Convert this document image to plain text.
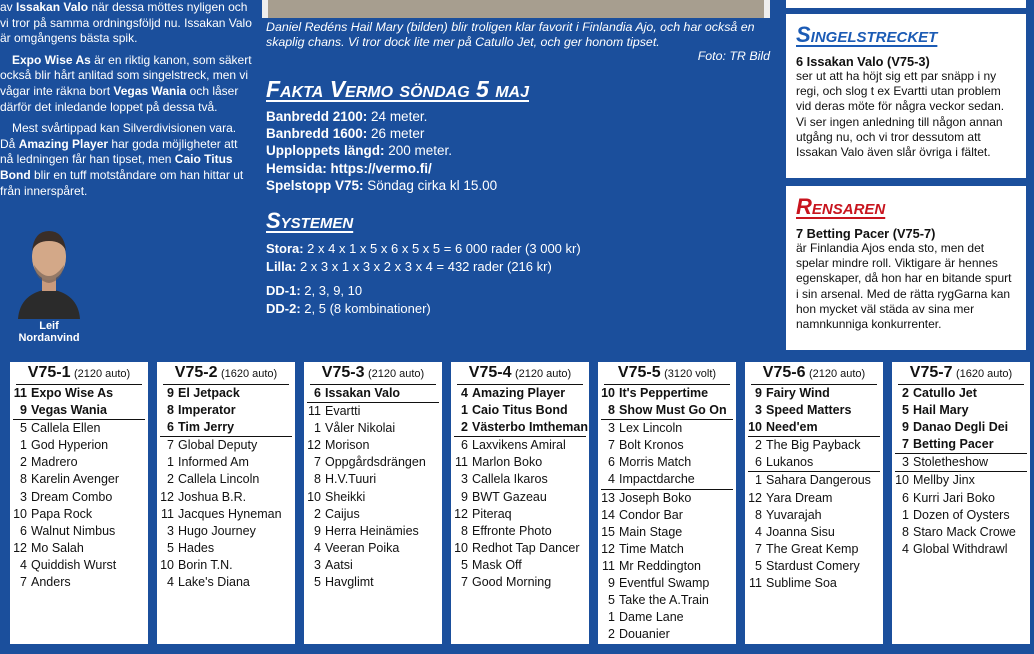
av Issakan Valo när dessa möttes nyligen och vi tror på samma ordningsföljd nu. Issakan Valo är omgångens bästa spik.

Expo Wise As är en riktig kanon, som säkert också blir hårt anlitad som singelstreck, men vi vågar inte räkna bort Vegas Wania och låser därför det inledande loppet på dessa två.

Mest svårtippad kan Silverdivisionen vara. Då Amazing Player har goda möjligheter att nå ledningen får han tipset, men Caio Titus Bond blir en tuff motståndare om han hittar ut från innerspåret.

Leif
Nordanvind
Daniel Redéns Hail Mary (bilden) blir troligen klar favorit i Finlandia Ajo, och har också en skaplig chans. Vi tror dock lite mer på Catullo Jet, och ger honom tipset.
Foto: TR Bild
Fakta Vermo söndag 5 maj
Banbredd 2100: 24 meter.
Banbredd 1600: 26 meter
Upploppets längd: 200 meter.
Hemsida: https://vermo.fi/
Spelstopp V75: Söndag cirka kl 15.00
Systemen
Stora: 2 x 4 x 1 x 5 x 6 x 5 x 5 = 6 000 rader (3 000 kr)
Lilla: 2 x 3 x 1 x 3 x 2 x 3 x 4 = 432 rader (216 kr)
DD-1: 2, 3, 9, 10
DD-2: 2, 5 (8 kombinationer)
Singelstrecket
6 Issakan Valo (V75-3)
ser ut att ha höjt sig ett par snäpp i ny regi, och slog t ex Evartti utan problem vid deras möte för några veckor sedan. Vi ser ingen anledning till någon annan utgång nu, och vi tror dessutom att Issakan Valo även slår övriga i fältet.
Rensaren
7 Betting Pacer (V75-7)
är Finlandia Ajos enda sto, men det spelar mindre roll. Viktigare är hennes egenskaper, då hon har en bitande spurt i sin arsenal. Med de rätta rygGarna kan hon mycket väl städa av sina mer namnkunniga konkurrenter.
V75-1 (2120 auto)
11 Expo Wise As
9 Vegas Wania
5 Callela Ellen
1 God Hyperion
2 Madrero
8 Karelin Avenger
3 Dream Combo
10 Papa Rock
6 Walnut Nimbus
12 Mo Salah
4 Quiddish Wurst
7 Anders
V75-2 (1620 auto)
9 El Jetpack
8 Imperator
6 Tim Jerry
7 Global Deputy
1 Informed Am
2 Callela Lincoln
12 Joshua B.R.
11 Jacques Hyneman
3 Hugo Journey
5 Hades
10 Borin T.N.
4 Lake's Diana
V75-3 (2120 auto)
6 Issakan Valo
11 Evartti
1 Våler Nikolai
12 Morison
7 Oppgårdsdrängen
8 H.V.Tuuri
10 Sheikki
2 Caijus
9 Herra Heinämies
4 Veeran Poika
3 Aatsi
5 Havglimt
V75-4 (2120 auto)
4 Amazing Player
1 Caio Titus Bond
2 Västerbo Imtheman
6 Laxvikens Amiral
11 Marlon Boko
3 Callela Ikaros
9 BWT Gazeau
12 Piteraq
8 Effronte Photo
10 Redhot Tap Dancer
5 Mask Off
7 Good Morning
V75-5 (3120 volt)
10 It's Peppertime
8 Show Must Go On
3 Lex Lincoln
7 Bolt Kronos
6 Morris Match
4 Impactdarche
13 Joseph Boko
14 Condor Bar
15 Main Stage
12 Time Match
11 Mr Reddington
9 Eventful Swamp
5 Take the A.Train
1 Dame Lane
2 Douanier
V75-6 (2120 auto)
9 Fairy Wind
3 Speed Matters
10 Need'em
2 The Big Payback
6 Lukanos
1 Sahara Dangerous
12 Yara Dream
8 Yuvarajah
4 Joanna Sisu
7 The Great Kemp
5 Stardust Comery
11 Sublime Soa
V75-7 (1620 auto)
2 Catullo Jet
5 Hail Mary
9 Danao Degli Dei
7 Betting Pacer
3 Stoletheshow
10 Mellby Jinx
6 Kurri Jari Boko
1 Dozen of Oysters
8 Staro Mack Crowe
4 Global Withdrawl
